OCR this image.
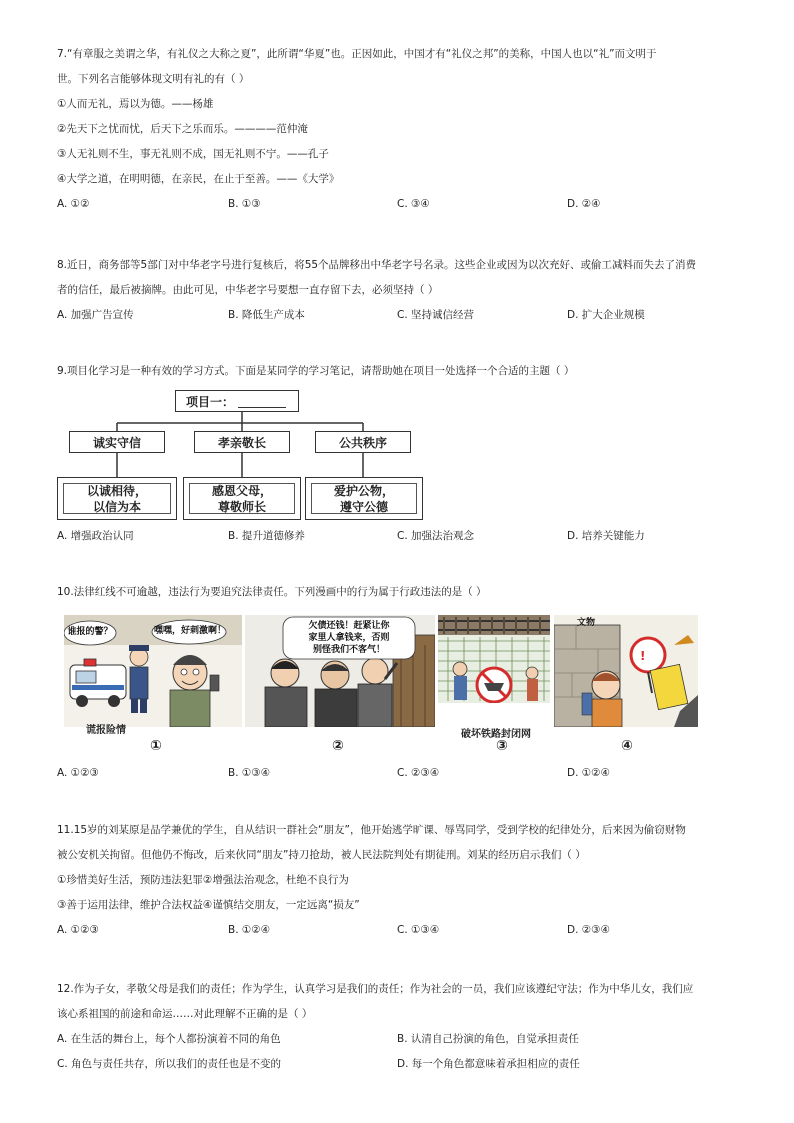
7.“有章服之美谓之华，有礼仪之大称之夏”，此所谓“华夏”也。正因如此，中国才有“礼仪之邦”的美称，中国人也以“礼”而文明于
世。下列名言能够体现文明有礼的有（ ）
①人而无礼，焉以为德。——杨雄
②先天下之忧而忧，后天下之乐而乐。————范仲淹
③人无礼则不生，事无礼则不成，国无礼则不宁。——孔子
④大学之道，在明明德，在亲民，在止于至善。——《大学》
A. ①②	B. ①③	C. ③④	D. ②④
8.近日，商务部等5部门对中华老字号进行复核后，将55个品牌移出中华老字号名录。这些企业或因为以次充好、或偷工减料而失去了消费
者的信任，最后被摘牌。由此可见，中华老字号要想一直存留下去，必须坚持（ ）
A. 加强广告宣传	B. 降低生产成本	C. 坚持诚信经营	D. 扩大企业规模
9.项目化学习是一种有效的学习方式。下面是某同学的学习笔记，请帮助她在项目一处选择一个合适的主题（ ）
项目一：
诚实守信	孝亲敬长	公共秩序
以诚相待，
以信为本
感恩父母，
尊敬师长
爱护公物，
遵守公德
A. 增强政治认同	B. 提升道德修养	C. 加强法治观念	D. 培养关键能力
10.法律红线不可逾越，违法行为要追究法律责任。下列漫画中的行为属于行政违法的是（ ）
谁报的警？	嘿嘿，好刺激啊！
谎报险情
欠债还钱！赶紧让你
家里人拿钱来，否则
别怪我们不客气！
破坏铁路封闭网
!
文物
①	②	③	④
A. ①②③	B. ①③④	C. ②③④	D. ①②④
11.15岁的刘某原是品学兼优的学生，自从结识一群社会“朋友”，他开始逃学旷课、辱骂同学，受到学校的纪律处分，后来因为偷窃财物
被公安机关拘留。但他仍不悔改，后来伙同“朋友”持刀抢劫，被人民法院判处有期徒刑。刘某的经历启示我们（ ）
①珍惜美好生活，预防违法犯罪②增强法治观念，杜绝不良行为
③善于运用法律，维护合法权益④谨慎结交朋友，一定远离“损友”
A. ①②③	B. ①②④	C. ①③④	D. ②③④
12.作为子女，孝敬父母是我们的责任；作为学生，认真学习是我们的责任；作为社会的一员，我们应该遵纪守法；作为中华儿女，我们应
该心系祖国的前途和命运……对此理解不正确的是（ ）
A. 在生活的舞台上，每个人都扮演着不同的角色	B. 认清自己扮演的角色，自觉承担责任
C. 角色与责任共存，所以我们的责任也是不变的	D. 每一个角色都意味着承担相应的责任
